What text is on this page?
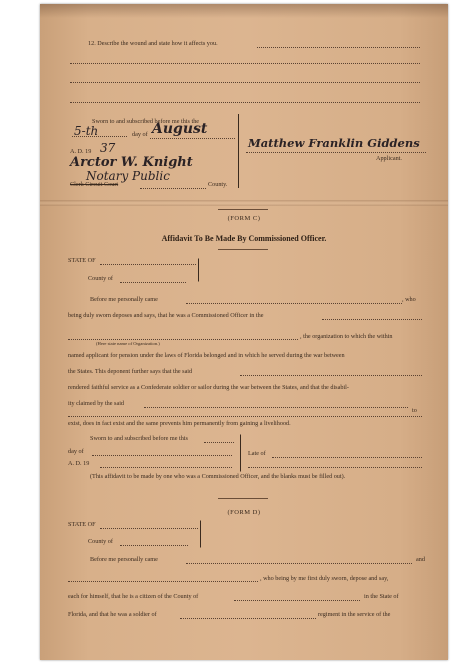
12. Describe the wound and state how it affects you.
Sworn to and subscribed before me this the
5-th	day of August
A. D. 19 37
Arctor W. Knight
Notary Public
Clerk Circuit Court	County.
Matthew Franklin Giddens
Applicant.
(FORM C)
Affidavit To Be Made By Commissioned Officer.
STATE OF
County of
Before me personally came	, who
being duly sworn deposes and says, that he was a Commissioned Officer in the
, the organization to which the within
(Here state name of Organization.)
named applicant for pension under the laws of Florida belonged and in which he served during the war between
the States. This deponent further says that the said
rendered faithful service as a Confederate soldier or sailor during the war between the States, and that the disabil-
ity claimed by the said
to
exist, does in fact exist and the same prevents him permanently from gaining a livelihood.
Sworn to and subscribed before me this
day of	Late of
A. D. 19
(This affidavit to be made by one who was a Commissioned Officer, and the blanks must be filled out).
(FORM D)
STATE OF
County of
Before me personally came	and
, who being by me first duly sworn, depose and say,
each for himself, that he is a citizen of the County of	in the State of
Florida, and that he was a soldier of	regiment in the service of the
